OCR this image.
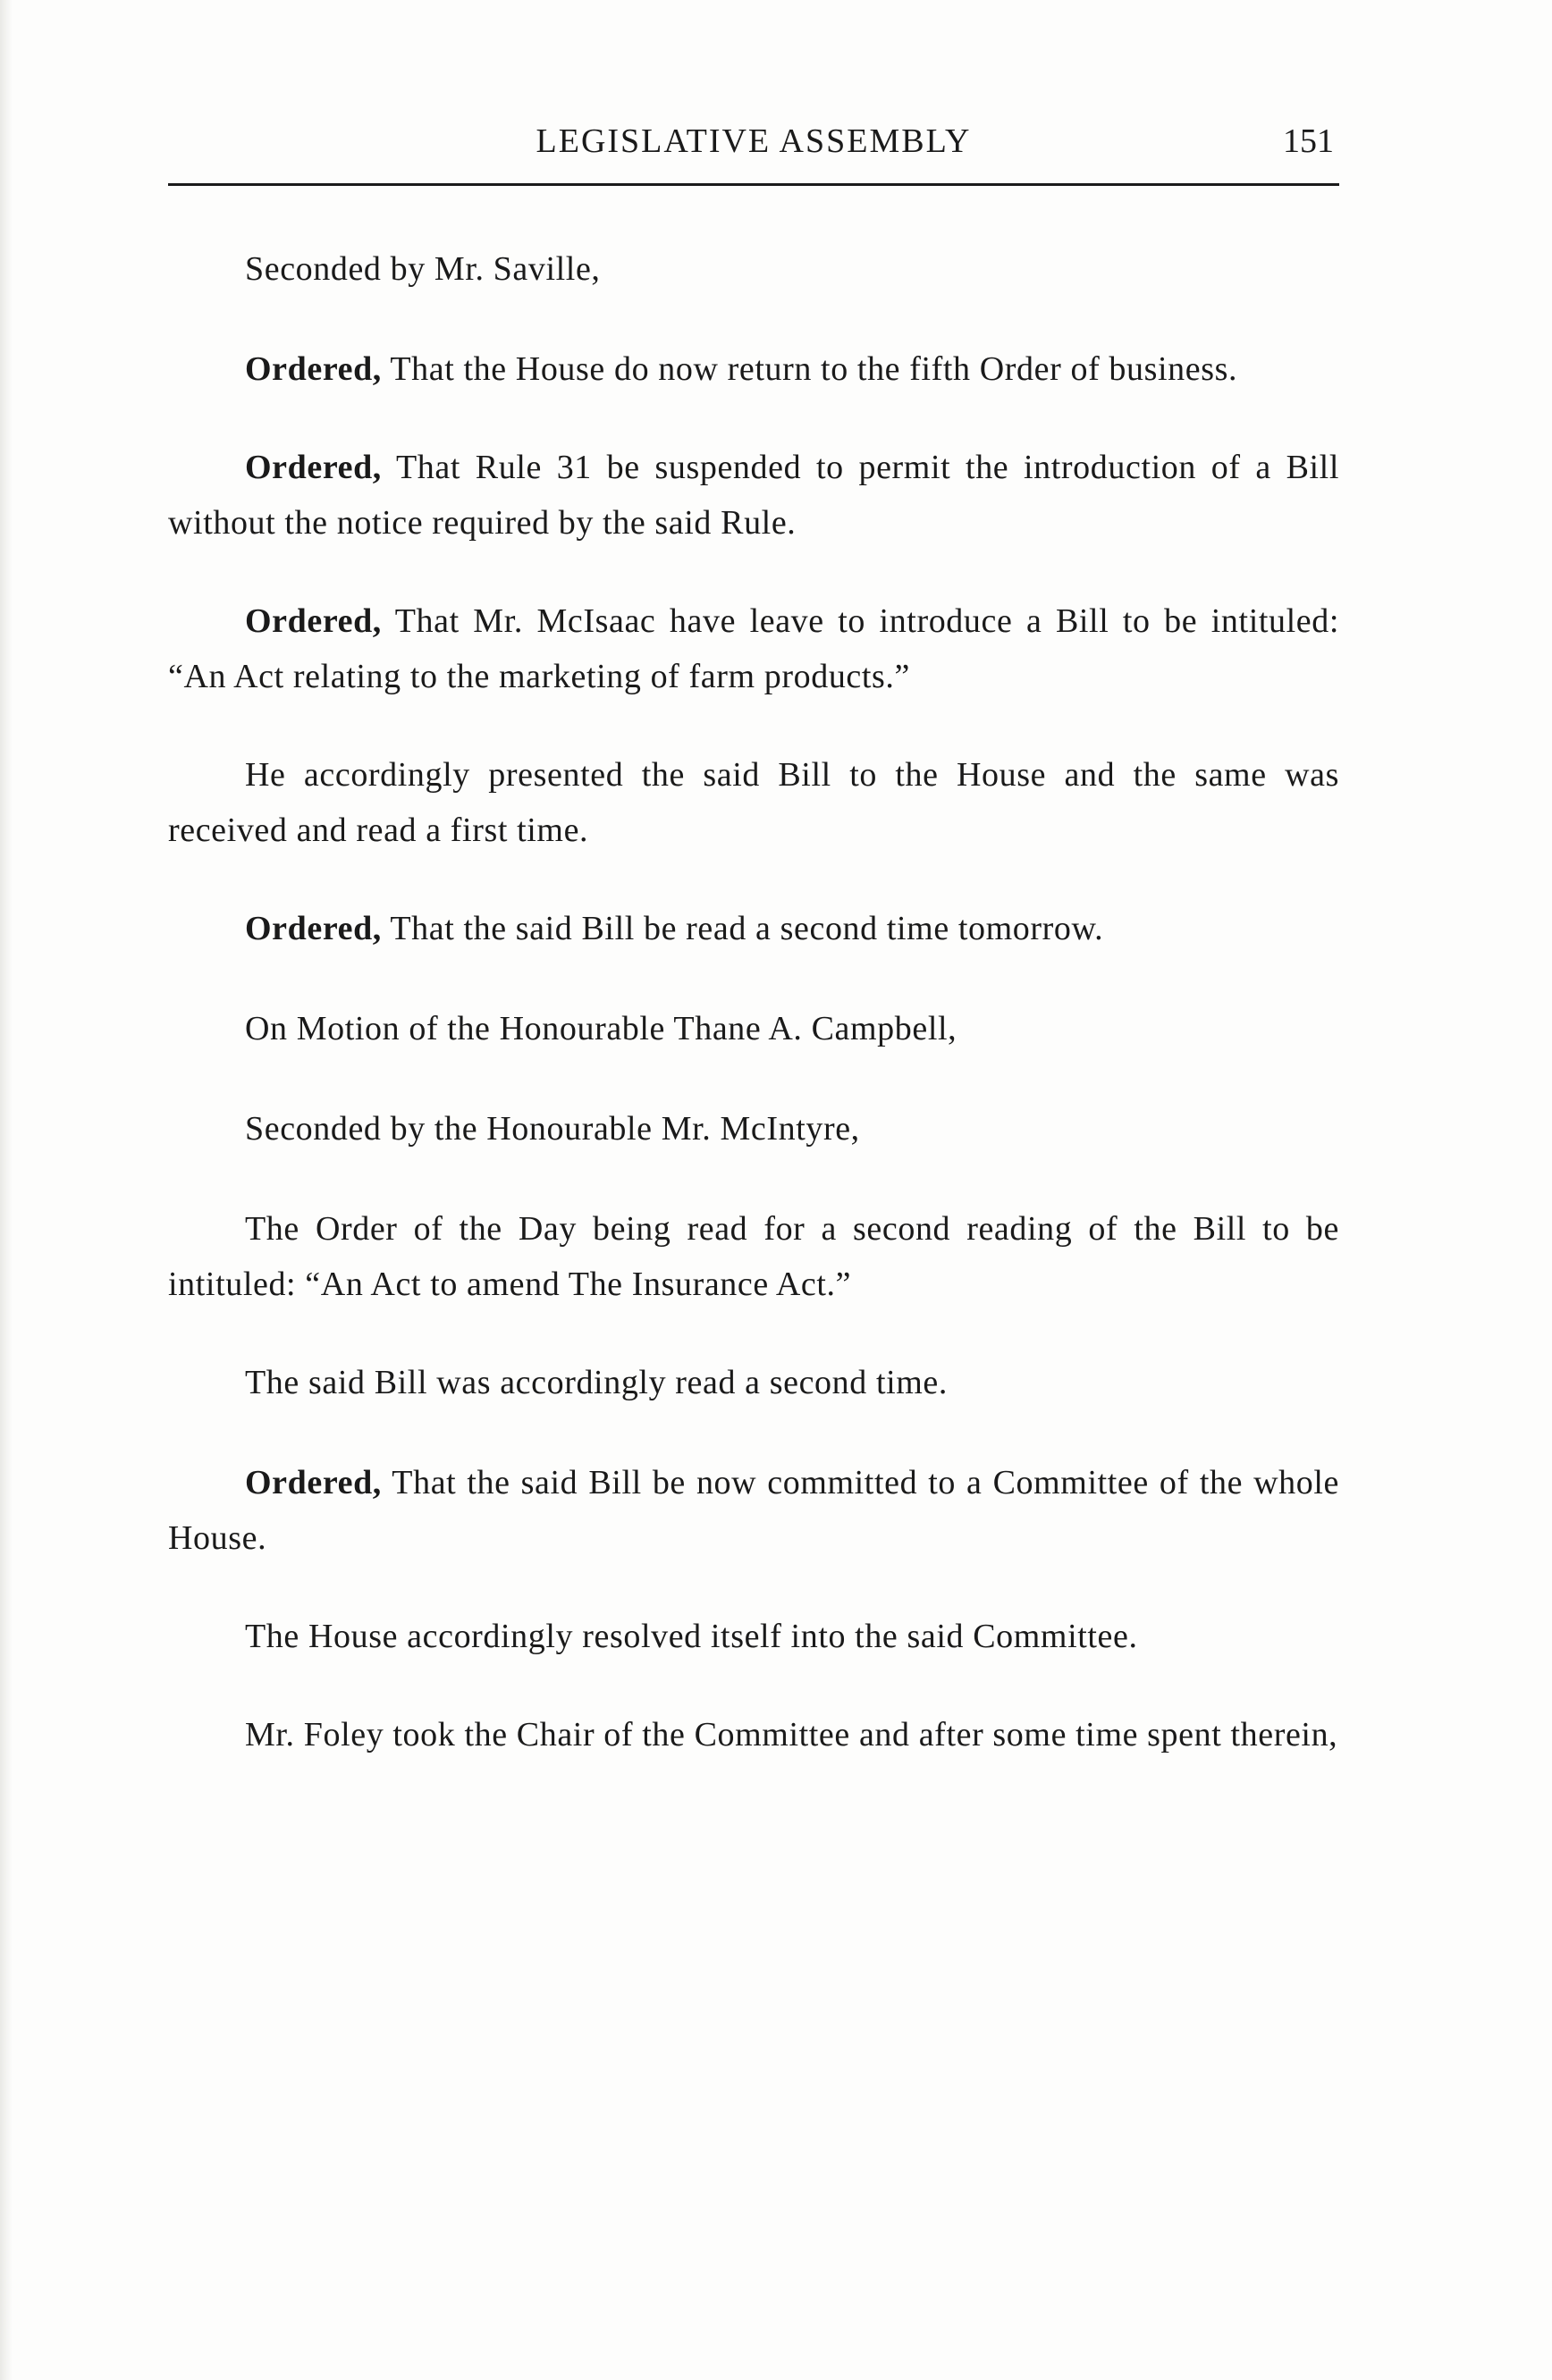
LEGISLATIVE ASSEMBLY	151

Seconded by Mr. Saville,

Ordered, That the House do now return to the fifth Order of business.

Ordered, That Rule 31 be suspended to permit the introduction of a Bill without the notice required by the said Rule.

Ordered, That Mr. McIsaac have leave to introduce a Bill to be intituled: “An Act relating to the marketing of farm products.”

He accordingly presented the said Bill to the House and the same was received and read a first time.

Ordered, That the said Bill be read a second time tomorrow.

On Motion of the Honourable Thane A. Campbell,

Seconded by the Honourable Mr. McIntyre,

The Order of the Day being read for a second reading of the Bill to be intituled: “An Act to amend The Insurance Act.”

The said Bill was accordingly read a second time.

Ordered, That the said Bill be now committed to a Committee of the whole House.

The House accordingly resolved itself into the said Committee.

Mr. Foley took the Chair of the Committee and after some time spent therein,
